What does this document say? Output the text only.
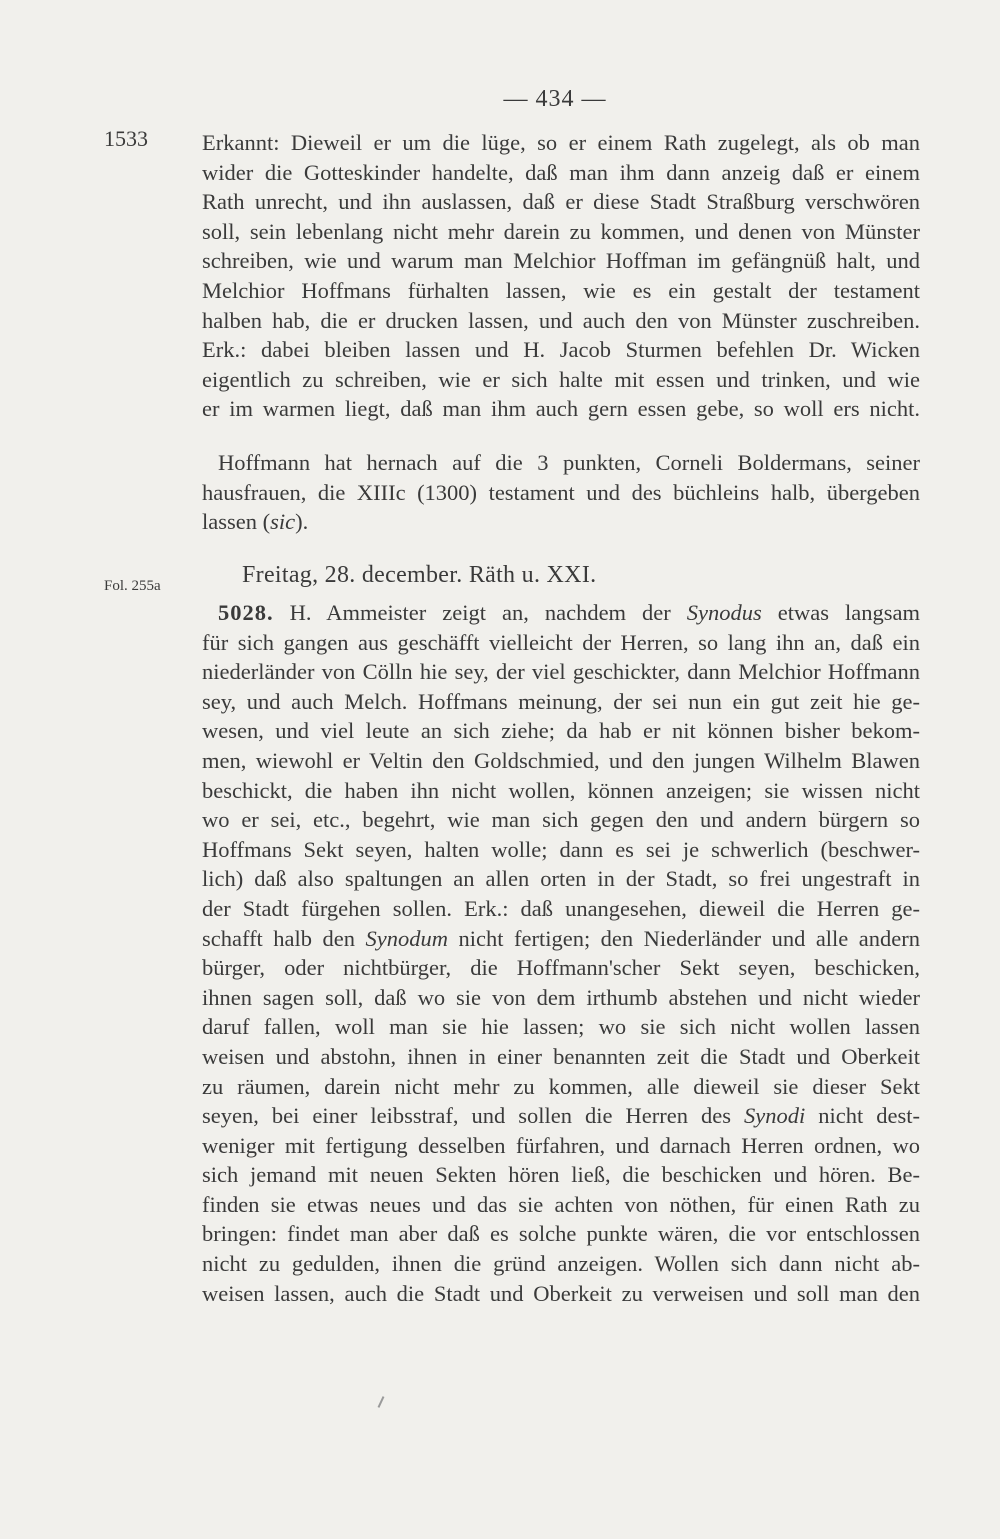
— 434 —
1533
Fol. 255a
Erkannt: Dieweil er um die lüge, so er einem Rath zugelegt, als ob man
wider die Gotteskinder handelte, daß man ihm dann anzeig daß er einem
Rath unrecht, und ihn auslassen, daß er diese Stadt Straßburg verschwören
soll, sein lebenlang nicht mehr darein zu kommen, und denen von Münster
schreiben, wie und warum man Melchior Hoffman im gefängnüß halt, und
Melchior Hoffmans fürhalten lassen, wie es ein gestalt der testament
halben hab, die er drucken lassen, und auch den von Münster zuschreiben.
Erk.: dabei bleiben lassen und H. Jacob Sturmen befehlen Dr. Wicken
eigentlich zu schreiben, wie er sich halte mit essen und trinken, und wie
er im warmen liegt, daß man ihm auch gern essen gebe, so woll ers nicht.
Hoffmann hat hernach auf die 3 punkten, Corneli Boldermans, seiner
hausfrauen, die XIIIc (1300) testament und des büchleins halb, übergeben
lassen (sic).
Freitag, 28. december. Räth u. XXI.
5028. H. Ammeister zeigt an, nachdem der Synodus etwas langsam
für sich gangen aus geschäfft vielleicht der Herren, so lang ihn an, daß ein
niederländer von Cölln hie sey, der viel geschickter, dann Melchior Hoffmann
sey, und auch Melch. Hoffmans meinung, der sei nun ein gut zeit hie ge-
wesen, und viel leute an sich ziehe; da hab er nit können bisher bekom-
men, wiewohl er Veltin den Goldschmied, und den jungen Wilhelm Blawen
beschickt, die haben ihn nicht wollen, können anzeigen; sie wissen nicht
wo er sei, etc., begehrt, wie man sich gegen den und andern bürgern so
Hoffmans Sekt seyen, halten wolle; dann es sei je schwerlich (beschwer-
lich) daß also spaltungen an allen orten in der Stadt, so frei ungestraft in
der Stadt fürgehen sollen. Erk.: daß unangesehen, dieweil die Herren ge-
schafft halb den Synodum nicht fertigen; den Niederländer und alle andern
bürger, oder nichtbürger, die Hoffmann'scher Sekt seyen, beschicken,
ihnen sagen soll, daß wo sie von dem irthumb abstehen und nicht wieder
daruf fallen, woll man sie hie lassen; wo sie sich nicht wollen lassen
weisen und abstohn, ihnen in einer benannten zeit die Stadt und Oberkeit
zu räumen, darein nicht mehr zu kommen, alle dieweil sie dieser Sekt
seyen, bei einer leibsstraf, und sollen die Herren des Synodi nicht dest-
weniger mit fertigung desselben fürfahren, und darnach Herren ordnen, wo
sich jemand mit neuen Sekten hören ließ, die beschicken und hören. Be-
finden sie etwas neues und das sie achten von nöthen, für einen Rath zu
bringen: findet man aber daß es solche punkte wären, die vor entschlossen
nicht zu gedulden, ihnen die gründ anzeigen. Wollen sich dann nicht ab-
weisen lassen, auch die Stadt und Oberkeit zu verweisen und soll man den
